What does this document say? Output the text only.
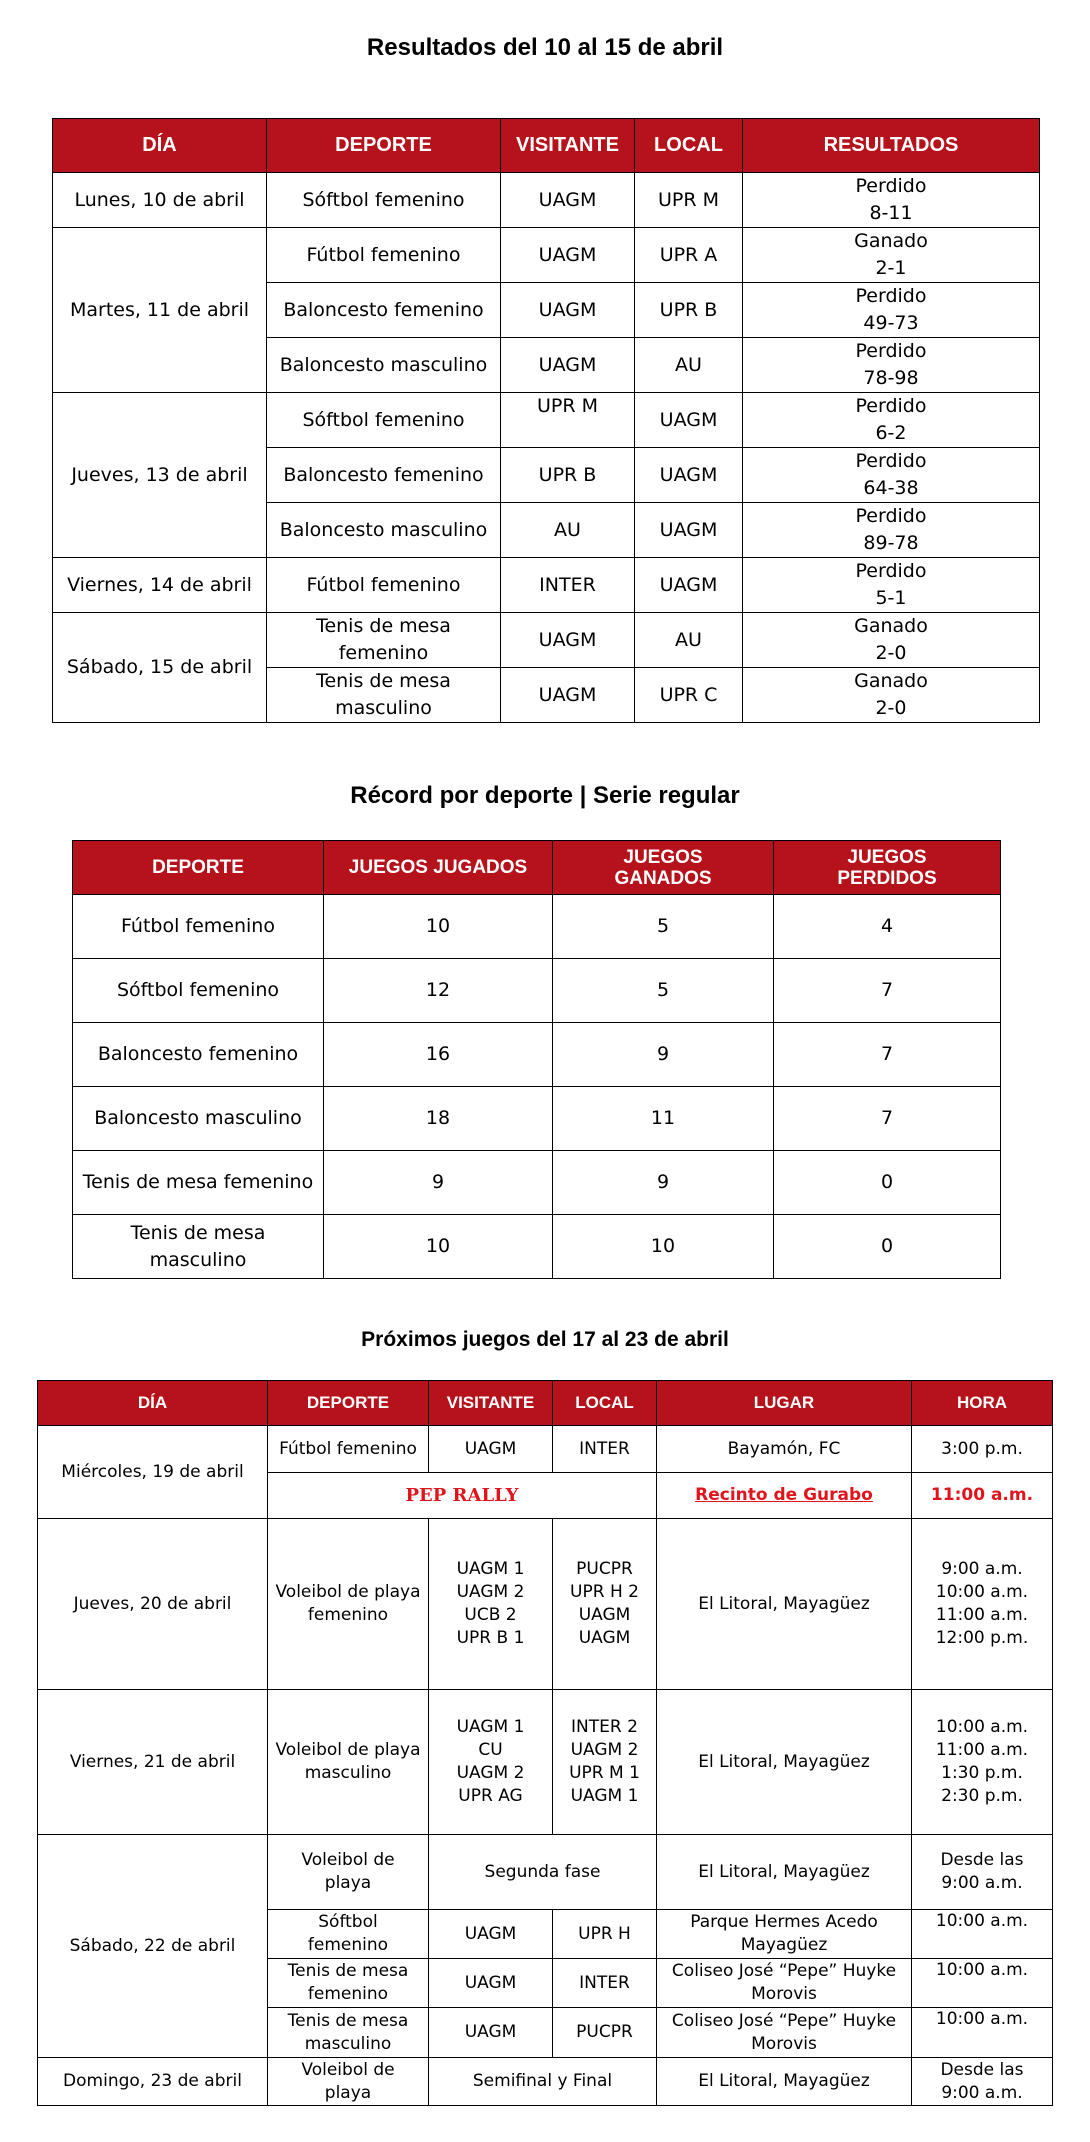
Resultados del 10 al 15 de abril
DÍA	DEPORTE	VISITANTE	LOCAL	RESULTADOS
Lunes, 10 de abril	Sóftbol femenino	UAGM	UPR M	Perdido
8-11
Martes, 11 de abril	Fútbol femenino	UAGM	UPR A	Ganado
2-1
	Baloncesto femenino	UAGM	UPR B	Perdido
49-73
	Baloncesto masculino	UAGM	AU	Perdido
78-98
Jueves, 13 de abril	Sóftbol femenino	UPR M	UAGM	Perdido
6-2
	Baloncesto femenino	UPR B	UAGM	Perdido
64-38
	Baloncesto masculino	AU	UAGM	Perdido
89-78
Viernes, 14 de abril	Fútbol femenino	INTER	UAGM	Perdido
5-1
Sábado, 15 de abril	Tenis de mesa
femenino	UAGM	AU	Ganado
2-0
	Tenis de mesa
masculino	UAGM	UPR C	Ganado
2-0
Récord por deporte | Serie regular
DEPORTE	JUEGOS JUGADOS	JUEGOS
GANADOS	JUEGOS
PERDIDOS
Fútbol femenino	10	5	4
Sóftbol femenino	12	5	7
Baloncesto femenino	16	9	7
Baloncesto masculino	18	11	7
Tenis de mesa femenino	9	9	0
Tenis de mesa
masculino	10	10	0
Próximos juegos del 17 al 23 de abril
DÍA	DEPORTE	VISITANTE	LOCAL	LUGAR	HORA
Miércoles, 19 de abril	Fútbol femenino	UAGM	INTER	Bayamón, FC	3:00 p.m.
	PEP RALLY			Recinto de Gurabo	11:00 a.m.
Jueves, 20 de abril	Voleibol de playa
femenino	UAGM 1
UAGM 2
UCB 2
UPR B 1	PUCPR
UPR H 2
UAGM
UAGM	El Litoral, Mayagüez	9:00 a.m.
10:00 a.m.
11:00 a.m.
12:00 p.m.
Viernes, 21 de abril	Voleibol de playa
masculino	UAGM 1
CU
UAGM 2
UPR AG	INTER 2
UAGM 2
UPR M 1
UAGM 1	El Litoral, Mayagüez	10:00 a.m.
11:00 a.m.
1:30 p.m.
2:30 p.m.
Sábado, 22 de abril	Voleibol de
playa	Segunda fase		El Litoral, Mayagüez	Desde las
9:00 a.m.
	Sóftbol
femenino	UAGM	UPR H	Parque Hermes Acedo
Mayagüez	10:00 a.m.
	Tenis de mesa
femenino	UAGM	INTER	Coliseo José “Pepe” Huyke
Morovis	10:00 a.m.
	Tenis de mesa
masculino	UAGM	PUCPR	Coliseo José “Pepe” Huyke
Morovis	10:00 a.m.
Domingo, 23 de abril	Voleibol de
playa	Semifinal y Final		El Litoral, Mayagüez	Desde las
9:00 a.m.
